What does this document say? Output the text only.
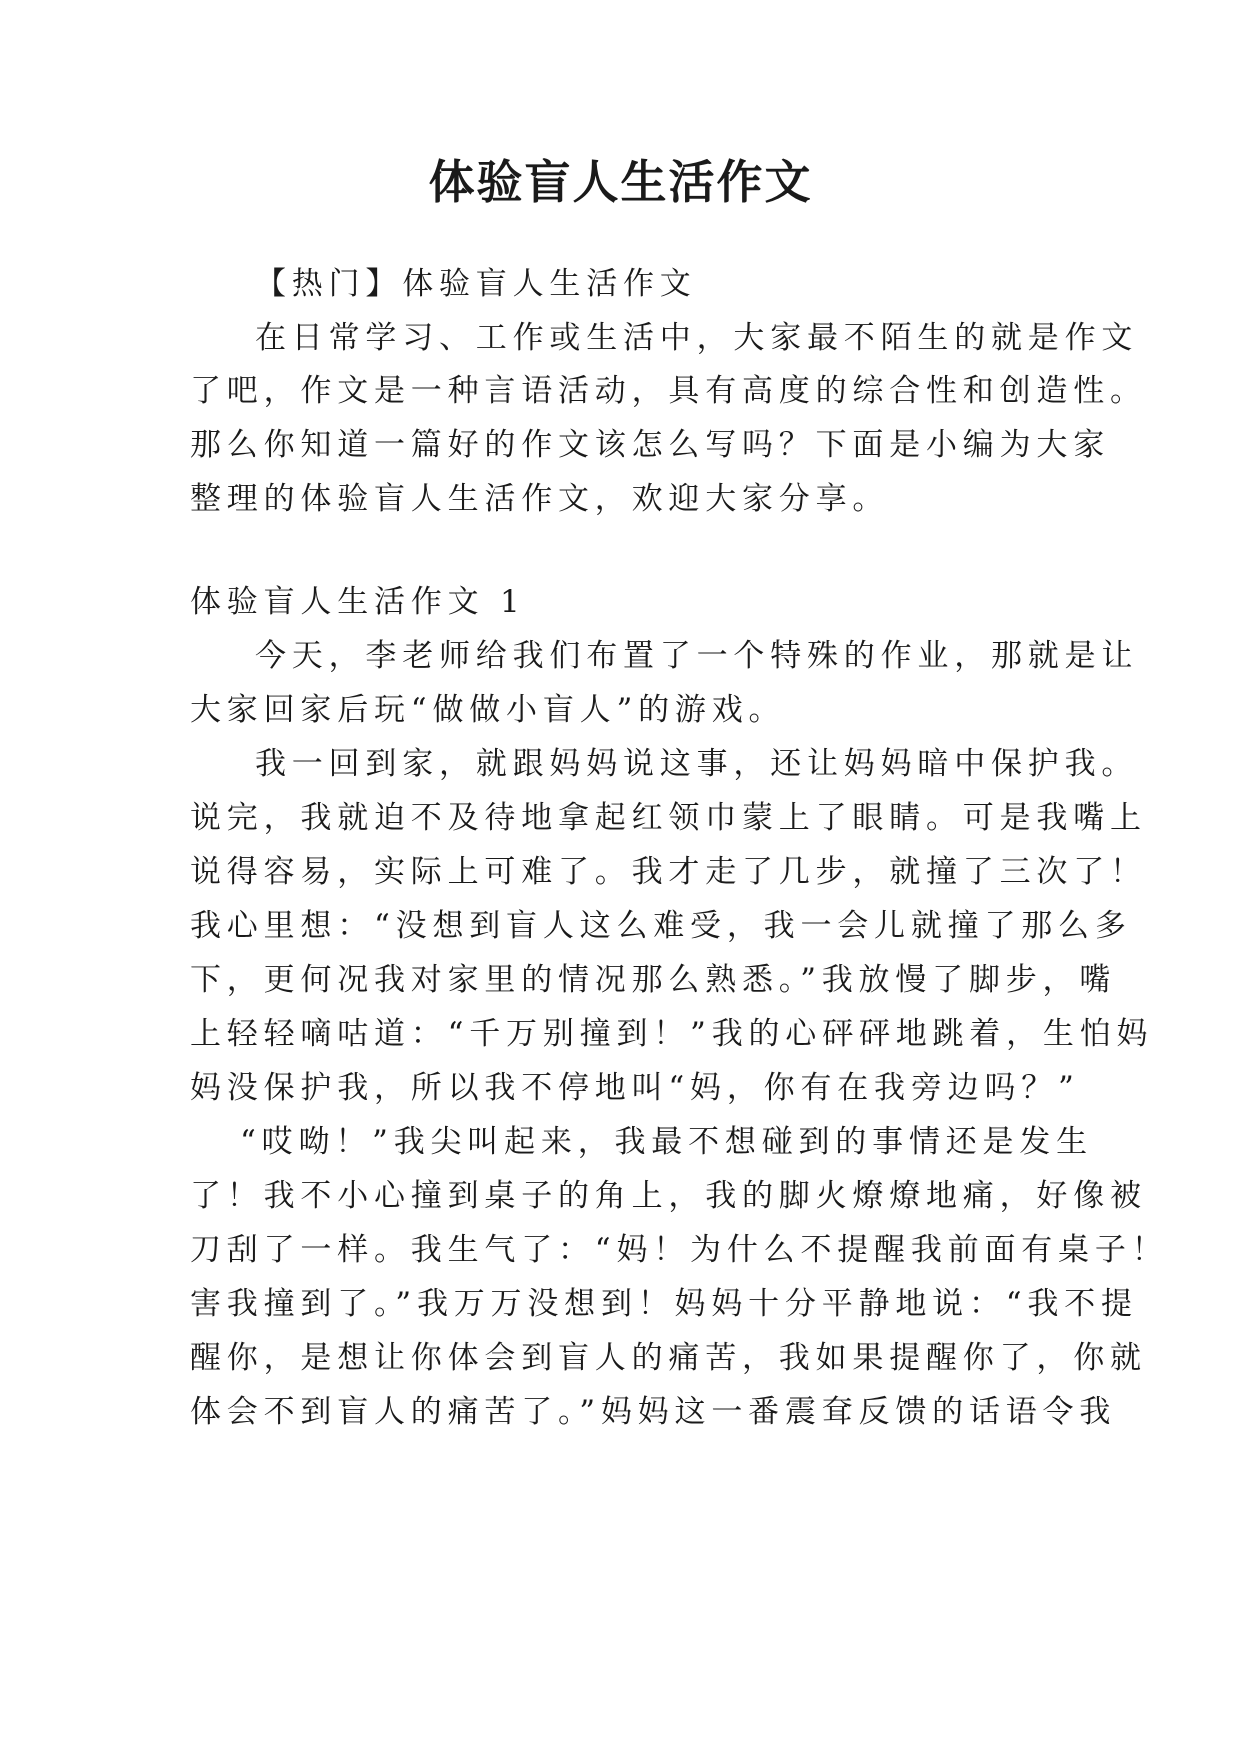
体验盲人生活作文

【热门】体验盲人生活作文

在日常学习、工作或生活中，大家最不陌生的就是作文

了吧，作文是一种言语活动，具有高度的综合性和创造性。

那么你知道一篇好的作文该怎么写吗？下面是小编为大家

整理的体验盲人生活作文，欢迎大家分享。

体验盲人生活作文 1

今天，李老师给我们布置了一个特殊的作业，那就是让

大家回家后玩“做做小盲人”的游戏。

我一回到家，就跟妈妈说这事，还让妈妈暗中保护我。

说完，我就迫不及待地拿起红领巾蒙上了眼睛。可是我嘴上

说得容易，实际上可难了。我才走了几步，就撞了三次了！

我心里想：“没想到盲人这么难受，我一会儿就撞了那么多

下，更何况我对家里的情况那么熟悉。”我放慢了脚步，嘴

上轻轻嘀咕道：“千万别撞到！”我的心砰砰地跳着，生怕妈

妈没保护我，所以我不停地叫“妈，你有在我旁边吗？”

“哎呦！”我尖叫起来，我最不想碰到的事情还是发生

了！我不小心撞到桌子的角上，我的脚火燎燎地痛，好像被

刀刮了一样。我生气了：“妈！为什么不提醒我前面有桌子！

害我撞到了。”我万万没想到！妈妈十分平静地说：“我不提

醒你，是想让你体会到盲人的痛苦，我如果提醒你了，你就

体会不到盲人的痛苦了。”妈妈这一番震耷反馈的话语令我
